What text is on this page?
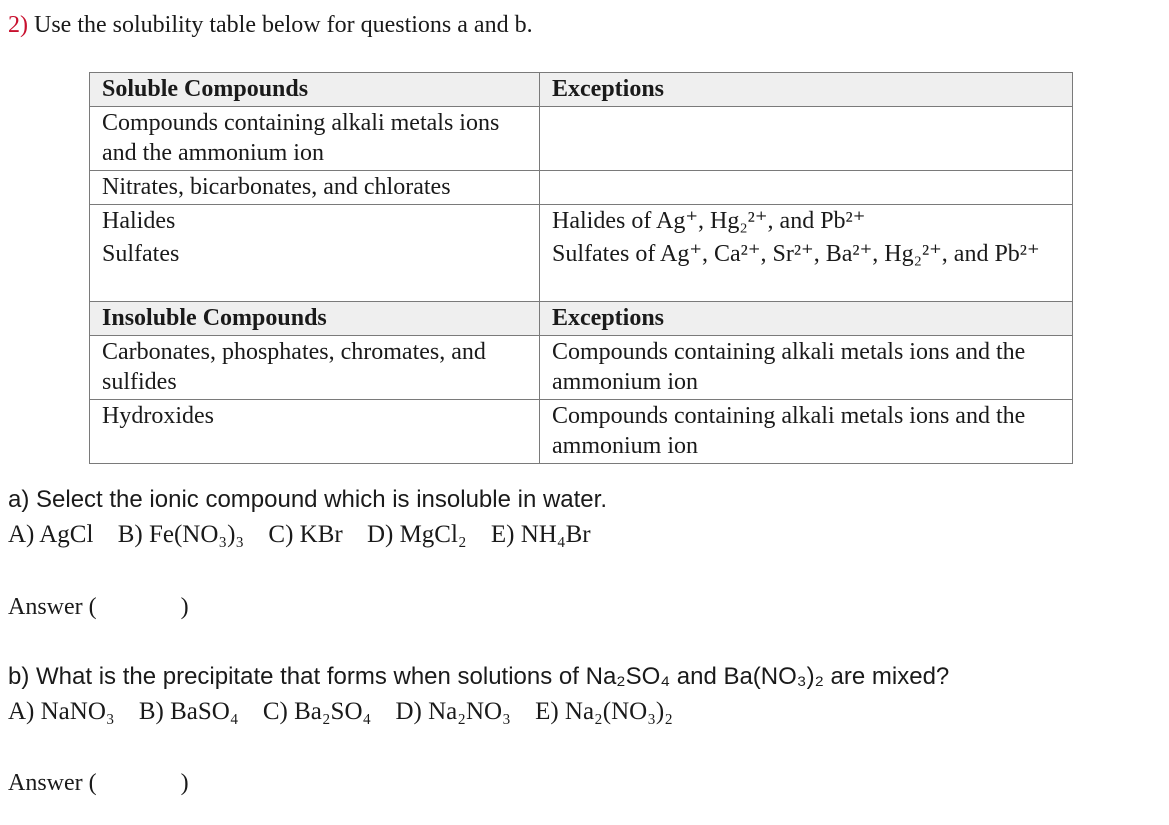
2) Use the solubility table below for questions a and b.
Soluble Compounds	Exceptions
Compounds containing alkali metals ions and the ammonium ion	
Nitrates, bicarbonates, and chlorates	
Halides	Halides of Ag⁺, Hg₂²⁺, and Pb²⁺
Sulfates	Sulfates of Ag⁺, Ca²⁺, Sr²⁺, Ba²⁺, Hg₂²⁺, and Pb²⁺
Insoluble Compounds	Exceptions
Carbonates, phosphates, chromates, and sulfides	Compounds containing alkali metals ions and the ammonium ion
Hydroxides	Compounds containing alkali metals ions and the ammonium ion
a) Select the ionic compound which is insoluble in water.
A) AgCl B) Fe(NO₃)₃ C) KBr D) MgCl₂ E) NH₄Br
Answer (	)
b) What is the precipitate that forms when solutions of Na₂SO₄ and Ba(NO₃)₂ are mixed?
A) NaNO₃ B) BaSO₄ C) Ba₂SO₄ D) Na₂NO₃ E) Na₂(NO₃)₂
Answer (	)
